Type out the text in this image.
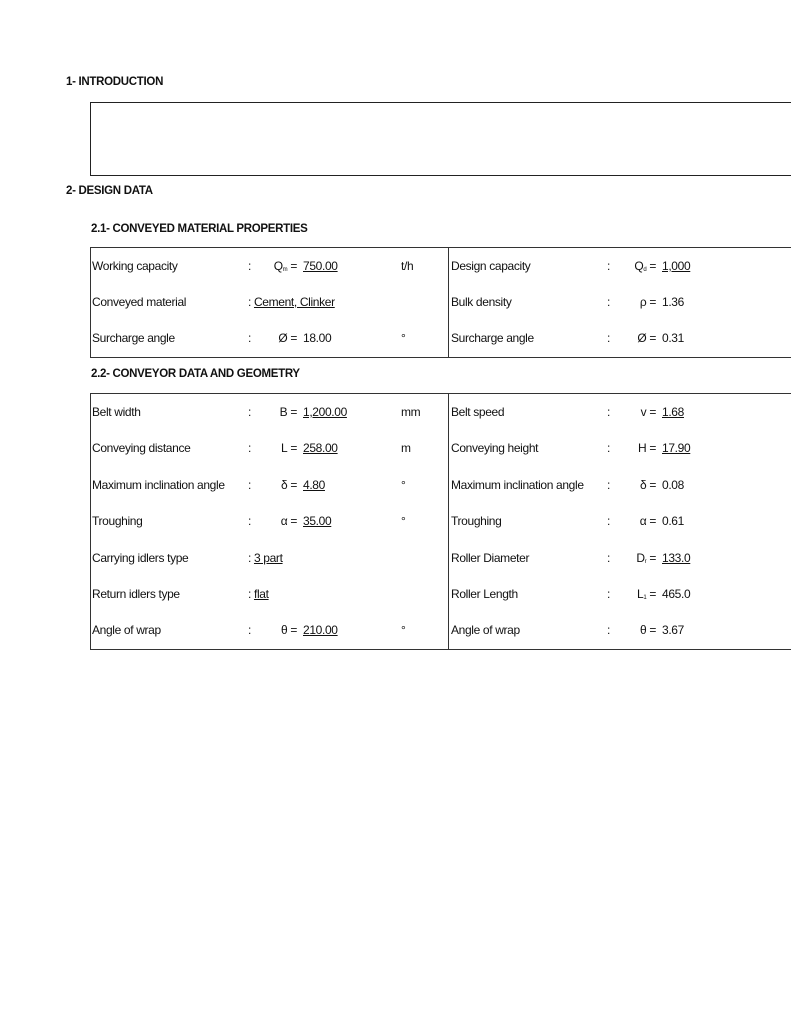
1- INTRODUCTION
2- DESIGN DATA
2.1- CONVEYED MATERIAL PROPERTIES
Working capacity	:	$Q_m = 750.00$	t/h	Design capacity	:	$Q_d = 1,000$
Conveyed material	: Cement, Clinker	Bulk density	:	ρ = 1.36
Surcharge angle	:	Ø = 18.00	°	Surcharge angle	:	Ø = 0.31
2.2- CONVEYOR DATA AND GEOMETRY
Belt width	:	B = 1,200.00	mm	Belt speed	:	v = 1.68
Conveying distance	:	L = 258.00	m	Conveying height	:	H = 17.90
Maximum inclination angle :	δ = 4.80	°	Maximum inclination angle :	δ = 0.08
Troughing	:	α = 35.00	°	Troughing	:	α = 0.61
Carrying idlers type	: 3 part	Roller Diameter	:	$D_r = 133.0$
Return idlers type	: flat	Roller Length	:	$L_1 = 465.0$
Angle of wrap	:	θ = 210.00	°	Angle of wrap	:	θ = 3.67
